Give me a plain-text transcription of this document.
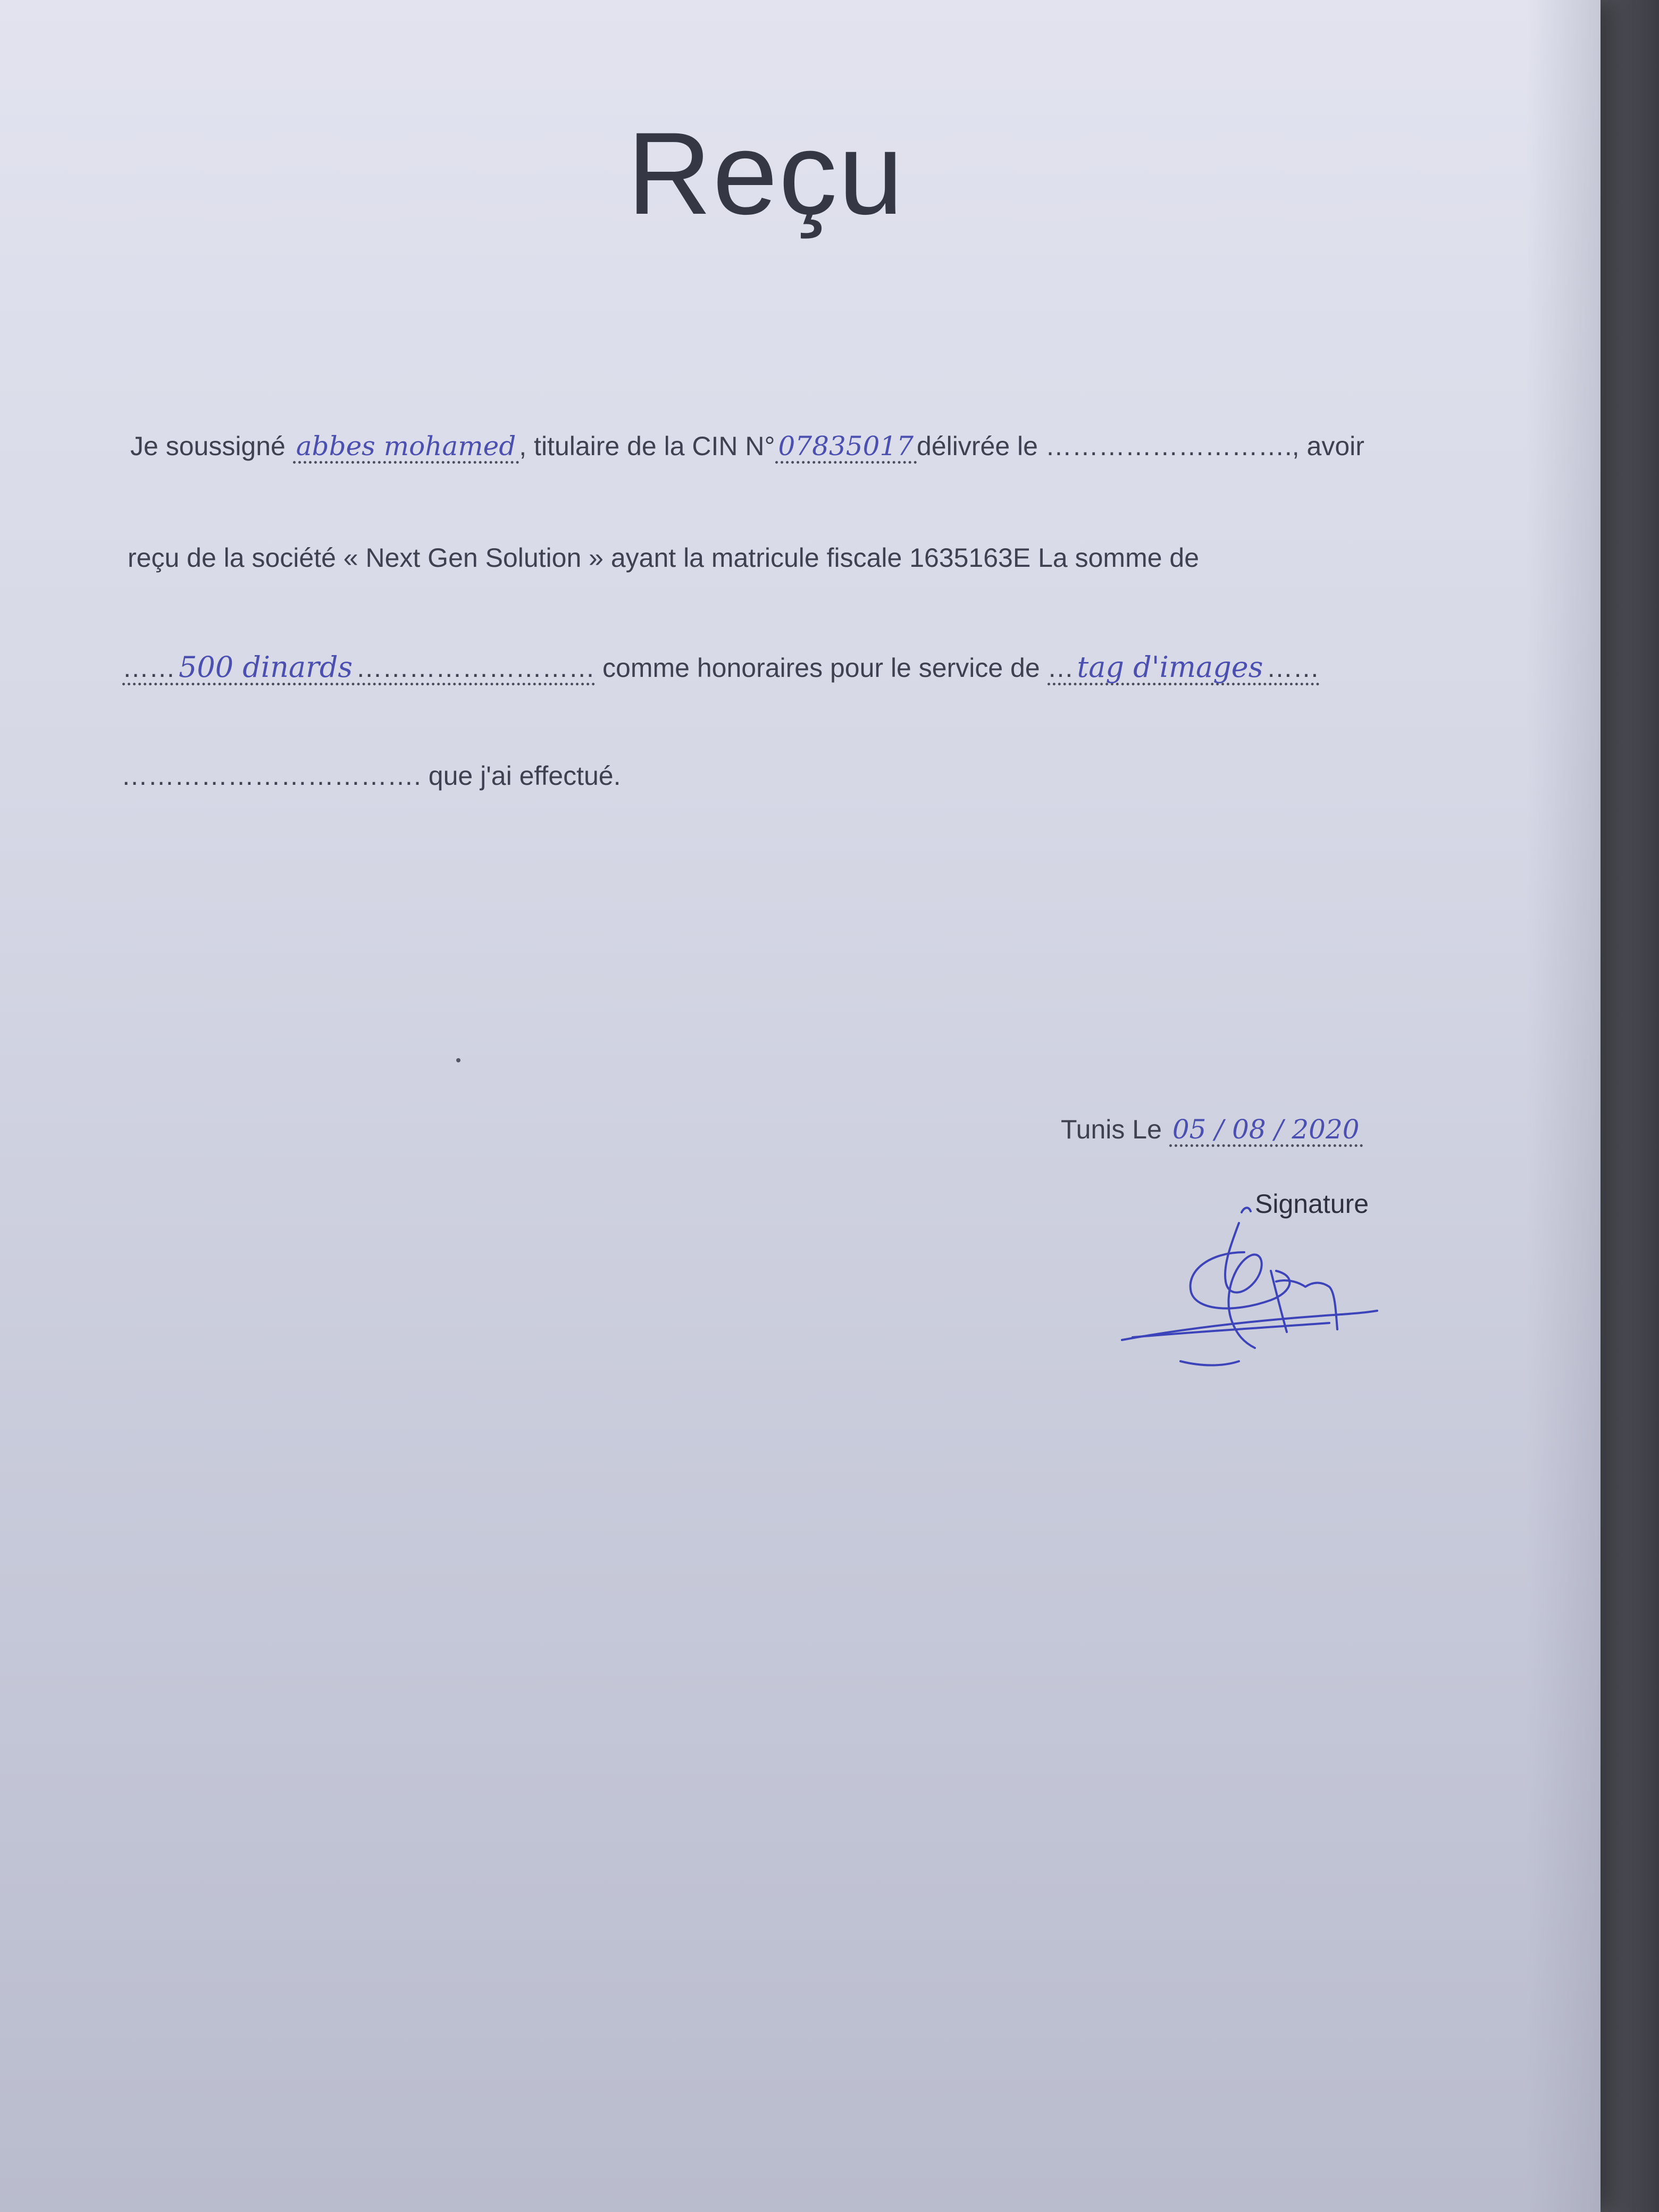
Reçu
Je soussigné abbes mohamed , titulaire de la CIN N° 07835017 délivrée le ………………………., avoir
reçu de la société « Next Gen Solution » ayant la matricule fiscale 1635163E La somme de
…… 500 dinards ……………………… comme honoraires pour le service de … tag d'images ……
……………………………. que j'ai effectué.
Tunis Le 05 / 08 / 2020
Signature
